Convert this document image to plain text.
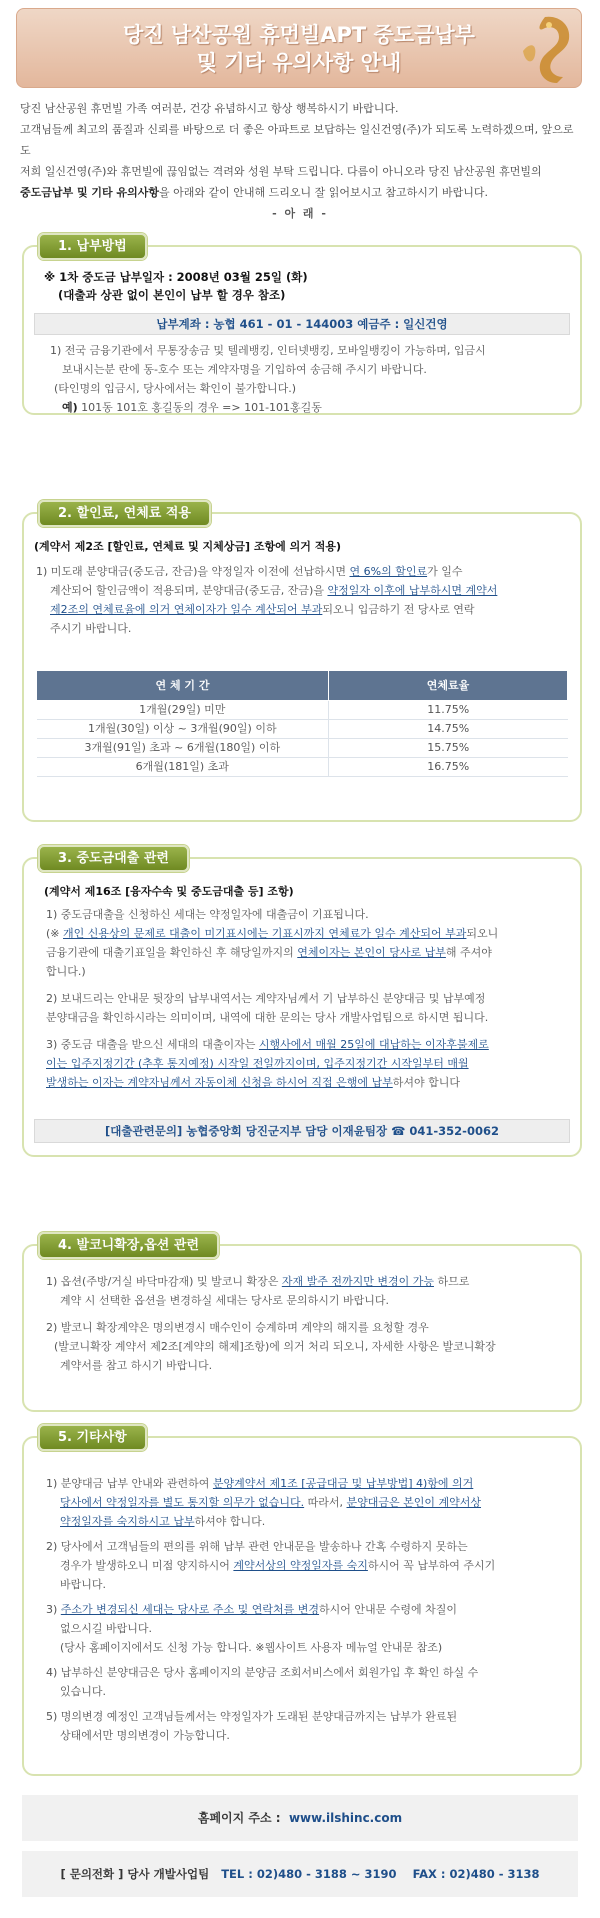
당진 남산공원 휴먼빌APT 중도금납부
및 기타 유의사항 안내
당진 남산공원 휴먼빌 가족 여러분, 건강 유념하시고 항상 행복하시기 바랍니다.
고객님들께 최고의 품질과 신뢰를 바탕으로 더 좋은 아파트로 보답하는 일신건영(주)가 되도록 노력하겠으며, 앞으로도
저희 일신건영(주)와 휴먼빌에 끊임없는 격려와 성원 부탁 드립니다. 다름이 아니오라 당진 남산공원 휴먼빌의
중도금납부 및 기타 유의사항을 아래와 같이 안내해 드리오니 잘 읽어보시고 참고하시기 바랍니다.
- 아 래 -
1. 납부방법
※ 1차 중도금 납부일자 : 2008년 03월 25일 (화)
(대출과 상관 없이 본인이 납부 할 경우 참조)
납부계좌 : 농협 461 - 01 - 144003 예금주 : 일신건영
1) 전국 금융기관에서 무통장송금 및 텔레뱅킹, 인터넷뱅킹, 모바일뱅킹이 가능하며, 입금시
보내시는분 란에 동-호수 또는 계약자명을 기입하여 송금해 주시기 바랍니다.
(타인명의 입금시, 당사에서는 확인이 불가합니다.)
예) 101동 101호 홍길동의 경우 => 101-101홍길동
2. 할인료, 연체료 적용
(계약서 제2조 [할인료, 연체료 및 지체상금] 조항에 의거 적용)
1) 미도래 분양대금(중도금, 잔금)을 약정일자 이전에 선납하시면 연 6%의 할인료가 일수
계산되어 할인금액이 적용되며, 분양대금(중도금, 잔금)을 약정일자 이후에 납부하시면 계약서
제2조의 연체료율에 의거 연체이자가 일수 계산되어 부과되오니 입금하기 전 당사로 연락
주시기 바랍니다.
연 체 기 간	연체료율
1개월(29일) 미만	11.75%
1개월(30일) 이상 ~ 3개월(90일) 이하	14.75%
3개월(91일) 초과 ~ 6개월(180일) 이하	15.75%
6개월(181일) 초과	16.75%
3. 중도금대출 관련
(계약서 제16조 [융자수속 및 중도금대출 등] 조항)
1) 중도금대출을 신청하신 세대는 약정일자에 대출금이 기표됩니다.
(※ 개인 신용상의 문제로 대출이 미기표시에는 기표시까지 연체료가 일수 계산되어 부과되오니
금융기관에 대출기표일을 확인하신 후 해당일까지의 연체이자는 본인이 당사로 납부해 주셔야
합니다.)
2) 보내드리는 안내문 뒷장의 납부내역서는 계약자님께서 기 납부하신 분양대금 및 납부예정
분양대금을 확인하시라는 의미이며, 내역에 대한 문의는 당사 개발사업팀으로 하시면 됩니다.
3) 중도금 대출을 받으신 세대의 대출이자는 시행사에서 매월 25일에 대납하는 이자후불제로
이는 입주지정기간 (추후 통지예정) 시작일 전일까지이며, 입주지정기간 시작일부터 매월
발생하는 이자는 계약자님께서 자동이체 신청을 하시어 직접 은행에 납부하셔야 합니다
[대출관련문의] 농협중앙회 당진군지부 담당 이재윤팀장 ☎ 041-352-0062
4. 발코니확장,옵션 관련
1) 옵션(주방/거실 바닥마감재) 및 발코니 확장은 자재 발주 전까지만 변경이 가능 하므로
계약 시 선택한 옵션을 변경하실 세대는 당사로 문의하시기 바랍니다.
2) 발코니 확장계약은 명의변경시 매수인이 승계하며 계약의 해지를 요청할 경우
(발코니확장 계약서 제2조[계약의 해제]조항)에 의거 처리 되오니, 자세한 사항은 발코니확장
계약서를 참고 하시기 바랍니다.
5. 기타사항
1) 분양대금 납부 안내와 관련하여 분양계약서 제1조 [공급대금 및 납부방법] 4)항에 의거
당사에서 약정일자를 별도 통지할 의무가 없습니다. 따라서, 분양대금은 본인이 계약서상
약정일자를 숙지하시고 납부하셔야 합니다.
2) 당사에서 고객님들의 편의를 위해 납부 관련 안내문을 발송하나 간혹 수령하지 못하는
경우가 발생하오니 미점 양지하시어 계약서상의 약정일자를 숙지하시어 꼭 납부하여 주시기
바랍니다.
3) 주소가 변경되신 세대는 당사로 주소 및 연락처를 변경하시어 안내문 수령에 차질이
없으시길 바랍니다.
(당사 홈페이지에서도 신청 가능 합니다. ※웹사이트 사용자 메뉴얼 안내문 참조)
4) 납부하신 분양대금은 당사 홈페이지의 분양금 조회서비스에서 회원가입 후 확인 하실 수
있습니다.
5) 명의변경 예정인 고객님들께서는 약정일자가 도래된 분양대금까지는 납부가 완료된
상태에서만 명의변경이 가능합니다.
홈페이지 주소 : www.ilshinc.com
[ 문의전화 ] 당사 개발사업팀 TEL : 02)480 - 3188 ~ 3190 FAX : 02)480 - 3138
